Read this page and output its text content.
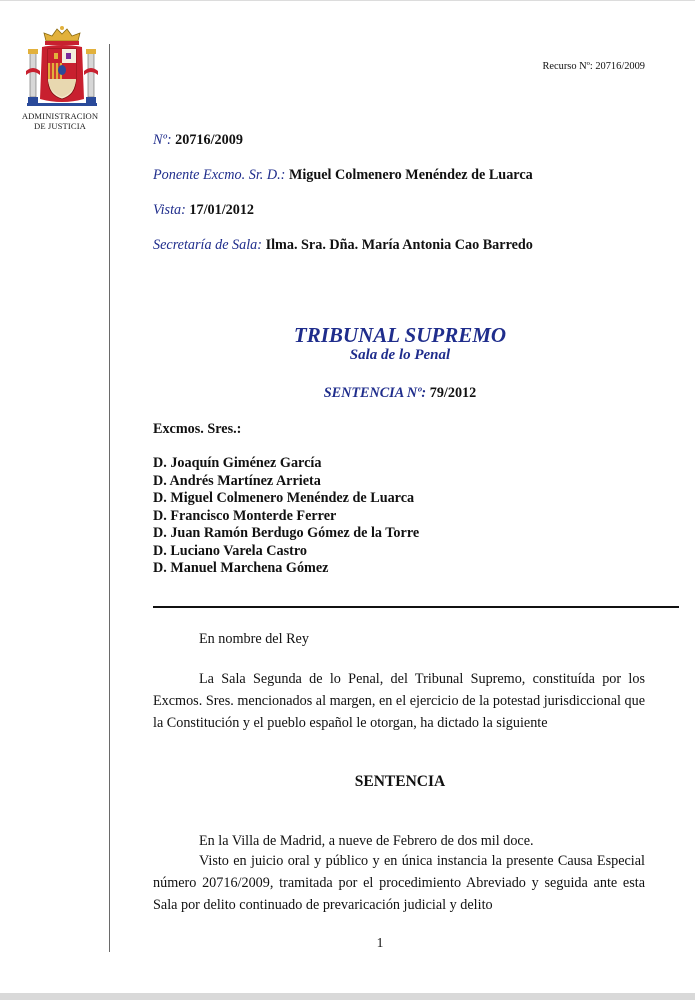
ADMINISTRACION
DE JUSTICIA
Recurso Nº: 20716/2009
Nº: 20716/2009
Ponente Excmo. Sr. D.: Miguel Colmenero Menéndez de Luarca
Vista: 17/01/2012
Secretaría de Sala: Ilma. Sra. Dña. María Antonia Cao Barredo
TRIBUNAL SUPREMO
Sala de lo Penal
SENTENCIA Nº: 79/2012
Excmos. Sres.:
D. Joaquín Giménez García
D. Andrés Martínez Arrieta
D. Miguel Colmenero Menéndez de Luarca
D. Francisco Monterde Ferrer
D. Juan Ramón Berdugo Gómez de la Torre
D. Luciano Varela Castro
D. Manuel Marchena Gómez
En nombre del Rey
La Sala Segunda de lo Penal, del Tribunal Supremo, constituída por los Excmos. Sres. mencionados al margen, en el ejercicio de la potestad jurisdiccional que la Constitución y el pueblo español le otorgan, ha dictado la siguiente
SENTENCIA
En la Villa de Madrid, a nueve de Febrero de dos mil doce.
Visto en juicio oral y público y en única instancia la presente Causa Especial número 20716/2009, tramitada por el procedimiento Abreviado y seguida ante esta Sala por delito continuado de prevaricación judicial y delito
1
